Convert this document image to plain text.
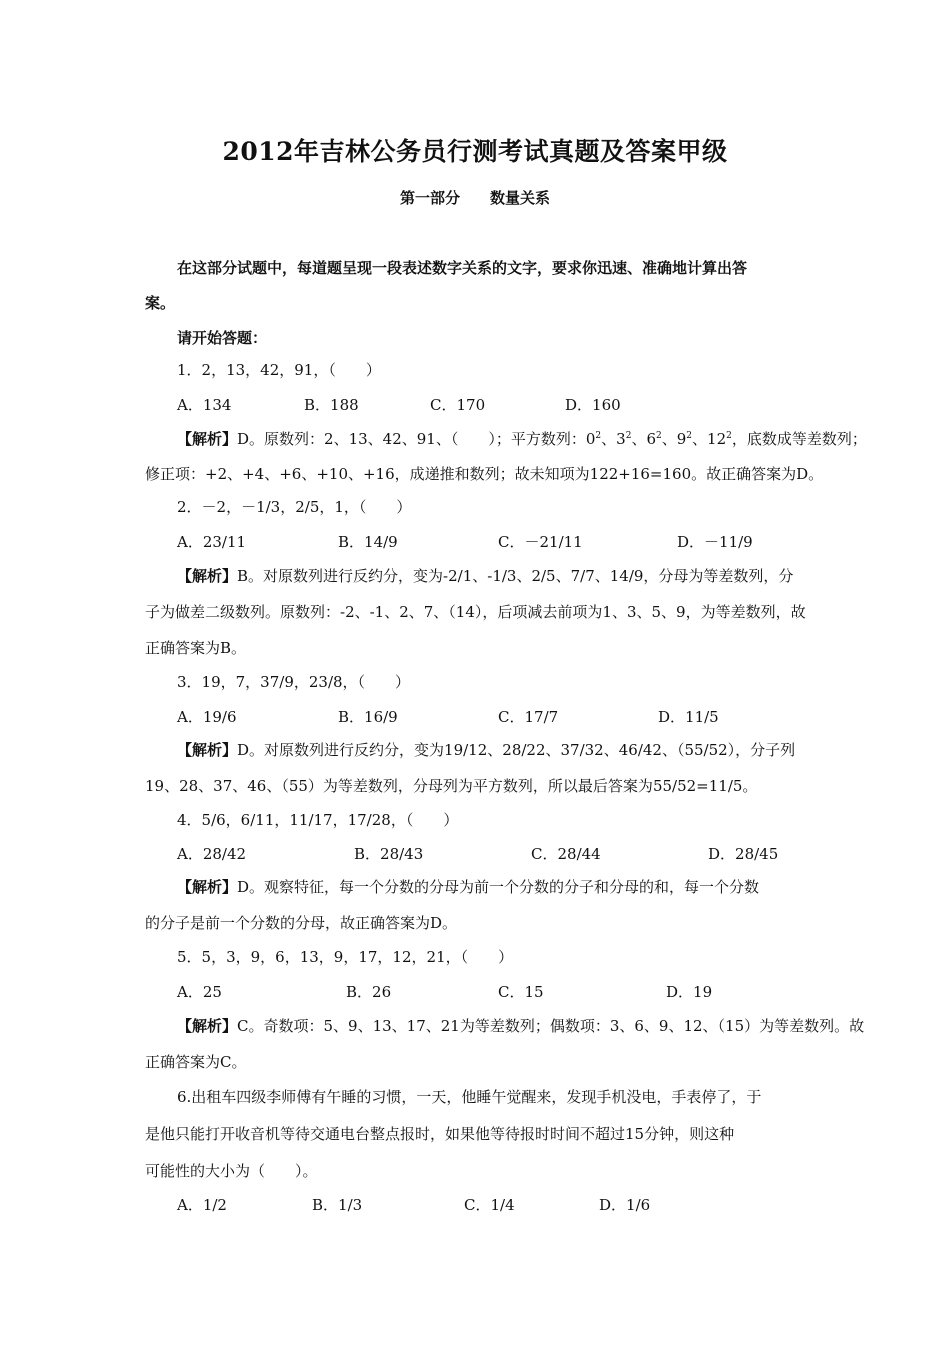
2012年吉林公务员行测考试真题及答案甲级
第一部分 数量关系
在这部分试题中，每道题呈现一段表述数字关系的文字，要求你迅速、准确地计算出答
案。
请开始答题：
1．2，13，42，91，（　　）
A．134	B．188	C．170	D．160
【解析】D。原数列：2、13、42、91、（　　）；平方数列：$0^2$、$3^2$、$6^2$、$9^2$、$12^2$，底数成等差数列；
修正项：+2、+4、+6、+10、+16，成递推和数列；故未知项为122+16=160。故正确答案为D。
2．－2，－1/3，2/5，1，（　　）
A．23/11	B．14/9	C．－21/11	D．－11/9
【解析】B。对原数列进行反约分，变为-2/1、-1/3、2/5、7/7、14/9，分母为等差数列，分
子为做差二级数列。原数列：-2、-1、2、7、（14），后项减去前项为1、3、5、9，为等差数列，故
正确答案为B。
3．19，7，37/9，23/8，（　　）
A．19/6	B．16/9	C．17/7	D．11/5
【解析】D。对原数列进行反约分，变为19/12、28/22、37/32、46/42、（55/52），分子列
19、28、37、46、（55）为等差数列，分母列为平方数列，所以最后答案为55/52=11/5。
4．5/6，6/11，11/17，17/28，（　　）
A．28/42	B．28/43	C．28/44	D．28/45
【解析】D。观察特征，每一个分数的分母为前一个分数的分子和分母的和，每一个分数
的分子是前一个分数的分母，故正确答案为D。
5．5，3，9，6，13，9，17，12，21，（　　）
A．25	B．26	C．15	D．19
【解析】C。奇数项：5、9、13、17、21为等差数列；偶数项：3、6、9、12、（15）为等差数列。故
正确答案为C。
6.出租车四级李师傅有午睡的习惯，一天，他睡午觉醒来，发现手机没电，手表停了，于
是他只能打开收音机等待交通电台整点报时，如果他等待报时时间不超过15分钟，则这种
可能性的大小为（　　）。
A．1/2	B．1/3	C．1/4	D．1/6
